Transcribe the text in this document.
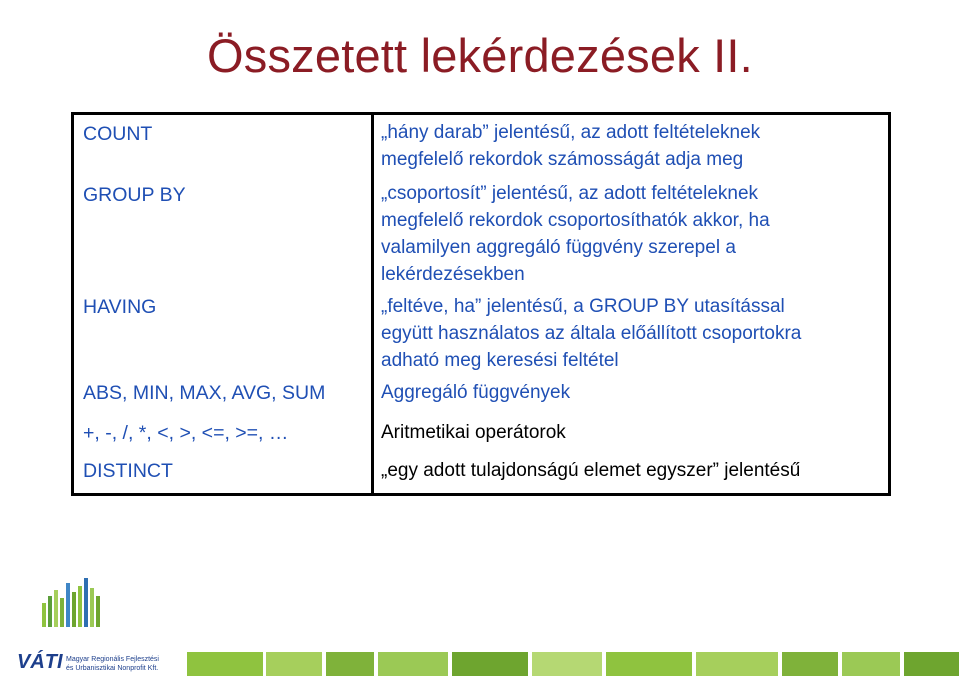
Összetett lekérdezések II.
COUNT	„hány darab” jelentésű, az adott feltételeknek
megfelelő rekordok számosságát adja meg
GROUP BY	„csoportosít” jelentésű, az adott feltételeknek
megfelelő rekordok csoportosíthatók akkor, ha
valamilyen aggregáló függvény szerepel a
lekérdezésekben
HAVING	„feltéve, ha” jelentésű, a GROUP BY utasítással
együtt használatos az általa előállított csoportokra
adható meg keresési feltétel
ABS, MIN, MAX, AVG, SUM	Aggregáló függvények
+, -, /, *, <, >, <=, >=, …	Aritmetikai operátorok
DISTINCT	„egy adott tulajdonságú elemet egyszer” jelentésű
VÁTI Magyar Regionális Fejlesztési
és Urbanisztikai Nonprofit Kft.
